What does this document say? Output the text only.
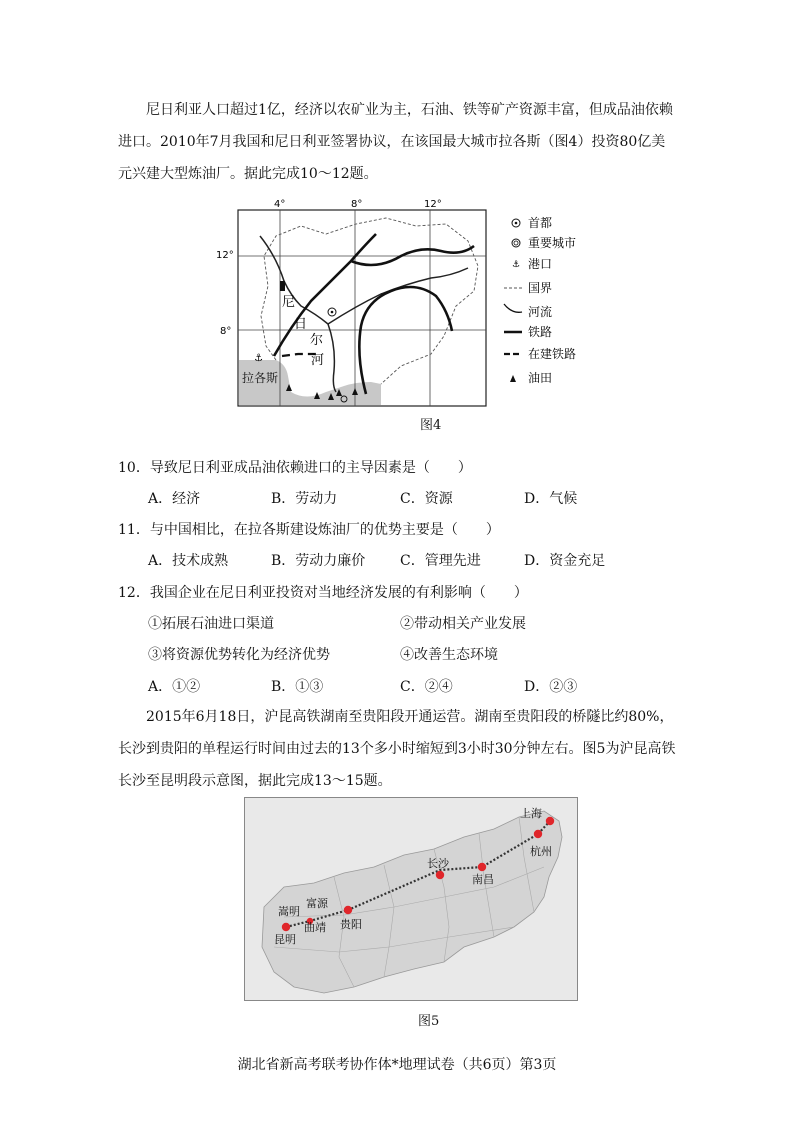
尼日利亚人口超过1亿，经济以农矿业为主，石油、铁等矿产资源丰富，但成品油依赖进口。2010年7月我国和尼日利亚签署协议，在该国最大城市拉各斯（图4）投资80亿美元兴建大型炼油厂。据此完成10～12题。

4°	8°	12°
12°
8°
⚓
尼
日
尔
河
拉各斯
首都
重要城市
⚓ 港口
国界
河流
铁路
在建铁路
油田
图4

10．导致尼日利亚成品油依赖进口的主导因素是（　　）

A．经济	B．劳动力	C．资源	D．气候

11．与中国相比，在拉各斯建设炼油厂的优势主要是（　　）

A．技术成熟	B．劳动力廉价 C．管理先进	D．资金充足

12．我国企业在尼日利亚投资对当地经济发展的有利影响（　　）

①拓展石油进口渠道	②带动相关产业发展
③将资源优势转化为经济优势	④改善生态环境
A．①②	B．①③	C．②④	D．②③

2015年6月18日，沪昆高铁湖南至贵阳段开通运营。湖南至贵阳段的桥隧比约80%，长沙到贵阳的单程运行时间由过去的13个多小时缩短到3小时30分钟左右。图5为沪昆高铁长沙至昆明段示意图，据此完成13～15题。

上海
杭州
长沙
南昌
富源
嵩明
曲靖 贵阳
昆明
图5
湖北省新高考联考协作体*地理试卷（共6页）第3页
